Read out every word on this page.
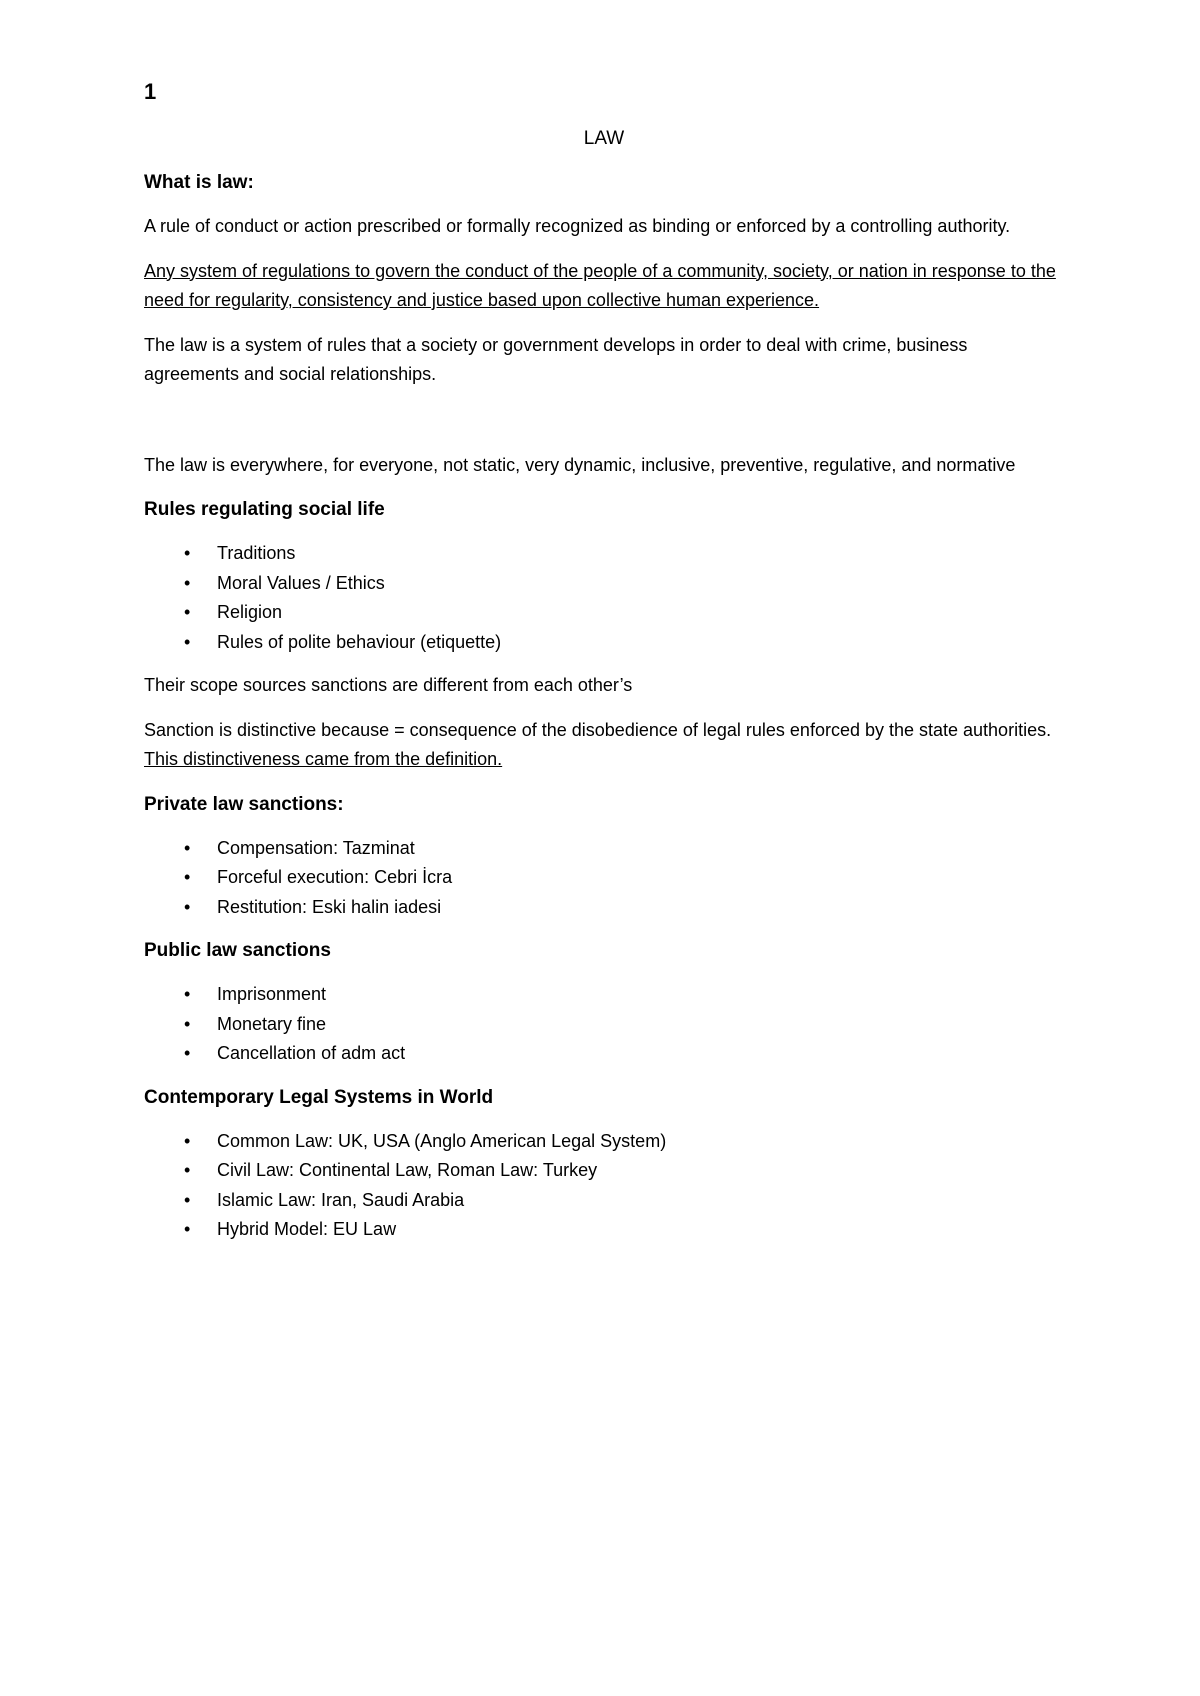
1
LAW
What is law:

A rule of conduct or action prescribed or formally recognized as binding or enforced by a controlling authority.

Any system of regulations to govern the conduct of the people of a community, society, or nation in response to the need for regularity, consistency and justice based upon collective human experience.

The law is a system of rules that a society or government develops in order to deal with crime, business agreements and social relationships.

The law is everywhere, for everyone, not static, very dynamic, inclusive, preventive, regulative, and normative

Rules regulating social life
• Traditions
• Moral Values / Ethics
• Religion
• Rules of polite behaviour (etiquette)

Their scope sources sanctions are different from each other’s

Sanction is distinctive because = consequence of the disobedience of legal rules enforced by the state authorities. This distinctiveness came from the definition.

Private law sanctions:
• Compensation: Tazminat
• Forceful execution: Cebri İcra
• Restitution: Eski halin iadesi
Public law sanctions
• Imprisonment
• Monetary fine
• Cancellation of adm act
Contemporary Legal Systems in World
• Common Law: UK, USA (Anglo American Legal System)
• Civil Law: Continental Law, Roman Law: Turkey
• Islamic Law: Iran, Saudi Arabia
• Hybrid Model: EU Law
